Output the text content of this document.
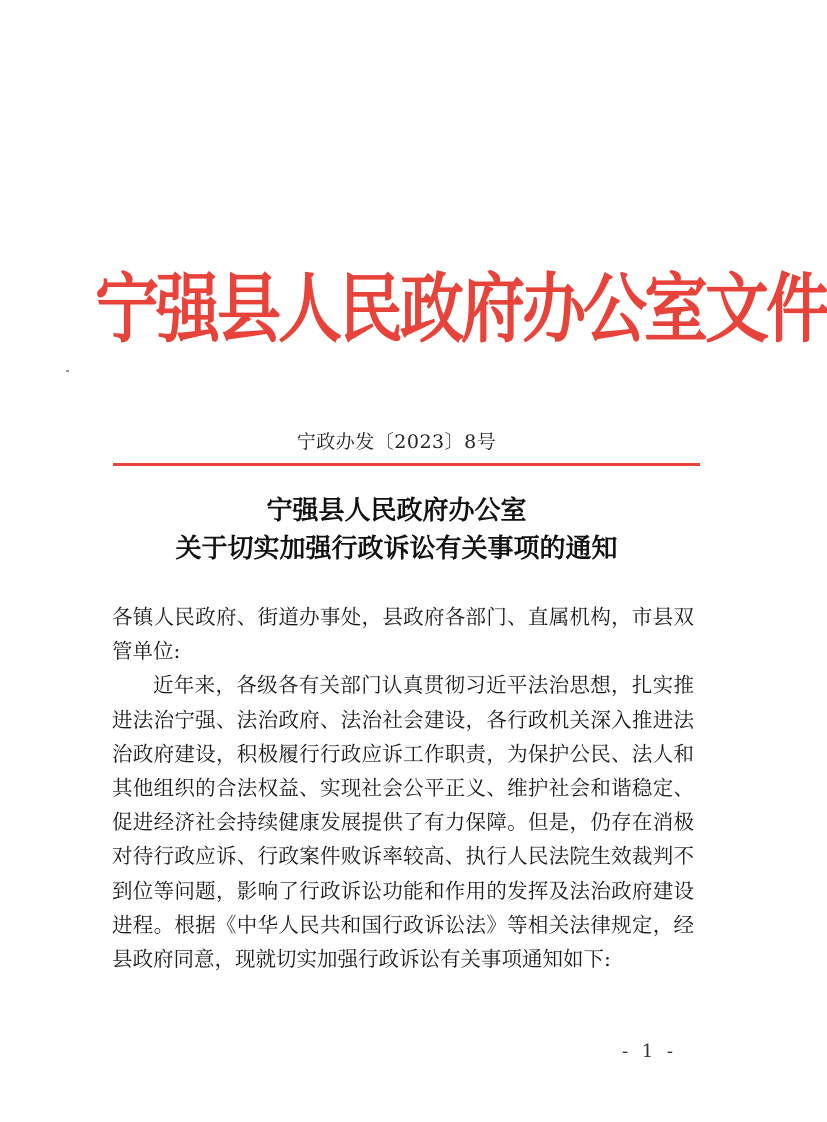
宁 强 县 人 民 政 府 办 公 室 文 件
宁政办发〔2023〕8号
宁强县人民政府办公室
关于切实加强行政诉讼有关事项的通知

各镇人民政府、街道办事处，县政府各部门、直属机构，市县双管单位:

近年来，各级各有关部门认真贯彻习近平法治思想，扎实推进法治宁强、法治政府、法治社会建设，各行政机关深入推进法治政府建设，积极履行行政应诉工作职责，为保护公民、法人和其他组织的合法权益、实现社会公平正义、维护社会和谐稳定、促进经济社会持续健康发展提供了有力保障。但是，仍存在消极对待行政应诉、行政案件败诉率较高、执行人民法院生效裁判不到位等问题，影响了行政诉讼功能和作用的发挥及法治政府建设进程。根据《中华人民共和国行政诉讼法》等相关法律规定，经县政府同意，现就切实加强行政诉讼有关事项通知如下:

- 1 -
